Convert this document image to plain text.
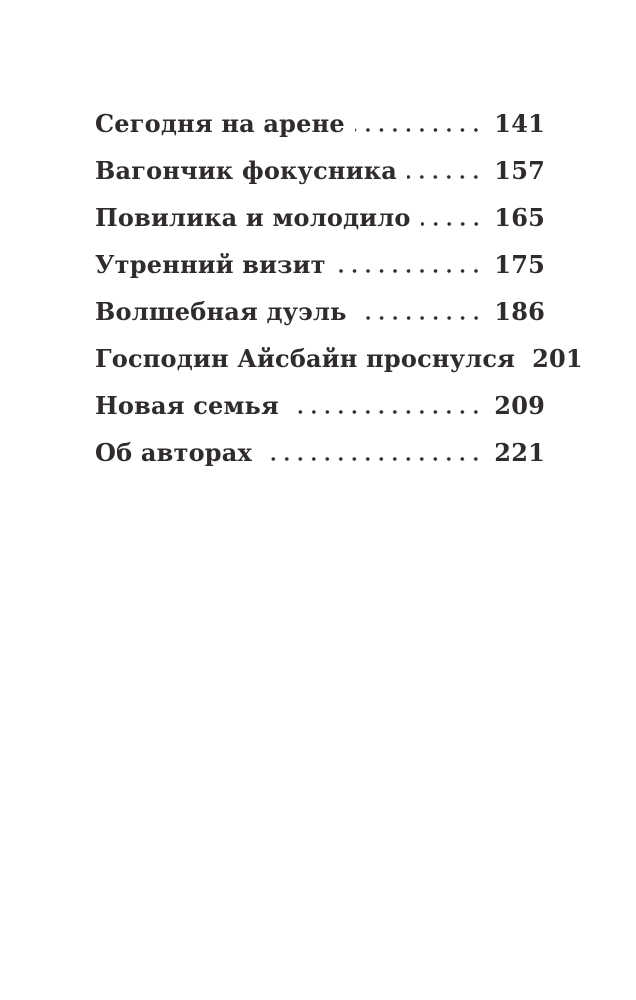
Сегодня на арене	141
Вагончик фокусника	157
Повилика и молодило	165
Утренний визит	175
Волшебная дуэль	186
Господин Айсбайн проснулся 201
Новая семья	209
Об авторах	221
